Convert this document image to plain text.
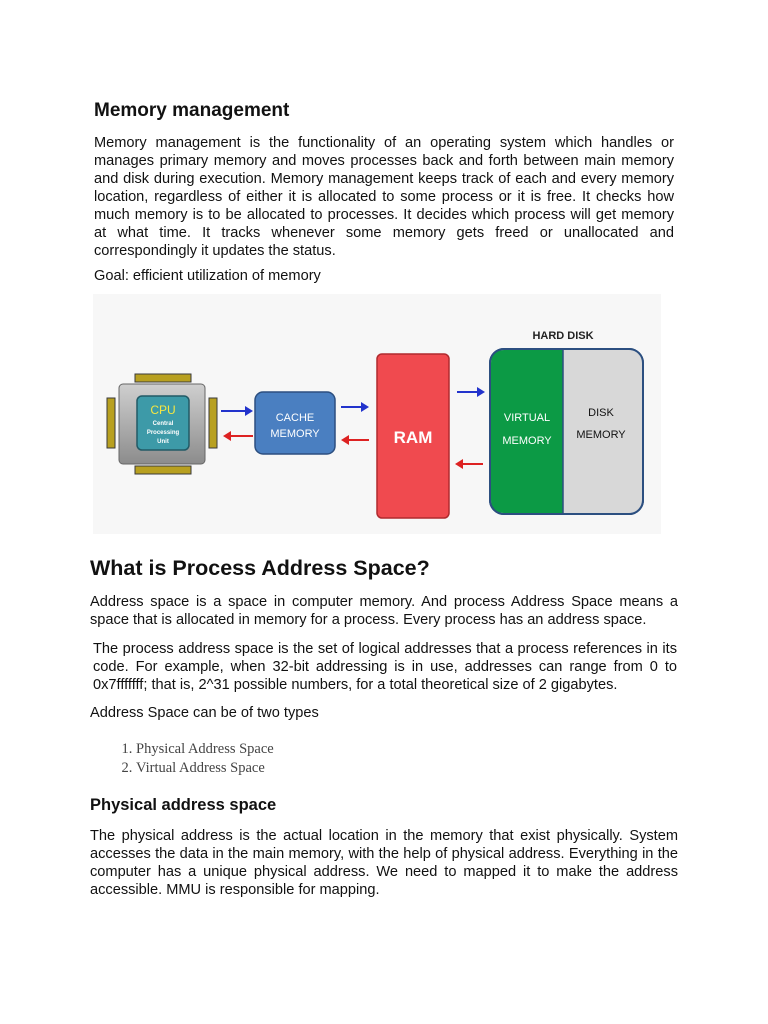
Memory management

Memory management is the functionality of an operating system which handles or manages primary memory and moves processes back and forth between main memory and disk during execution. Memory management keeps track of each and every memory location, regardless of either it is allocated to some process or it is free. It checks how much memory is to be allocated to processes. It decides which process will get memory at what time. It tracks whenever some memory gets freed or unallocated and correspondingly it updates the status.

Goal: efficient utilization of memory
CPU
Central
Processing
Unit
CACHE
MEMORY	RAM
HARD DISK
VIRTUAL
MEMORY
DISK
MEMORY
What is Process Address Space?

Address space is a space in computer memory. And process Address Space means a space that is allocated in memory for a process. Every process has an address space.

The process address space is the set of logical addresses that a process references in its code. For example, when 32-bit addressing is in use, addresses can range from 0 to 0x7fffffff; that is, 2^31 possible numbers, for a total theoretical size of 2 gigabytes.

Address Space can be of two types
1. Physical Address Space
2. Virtual Address Space
Physical address space

The physical address is the actual location in the memory that exist physically. System accesses the data in the main memory, with the help of physical address. Everything in the computer has a unique physical address. We need to mapped it to make the address accessible. MMU is responsible for mapping.
